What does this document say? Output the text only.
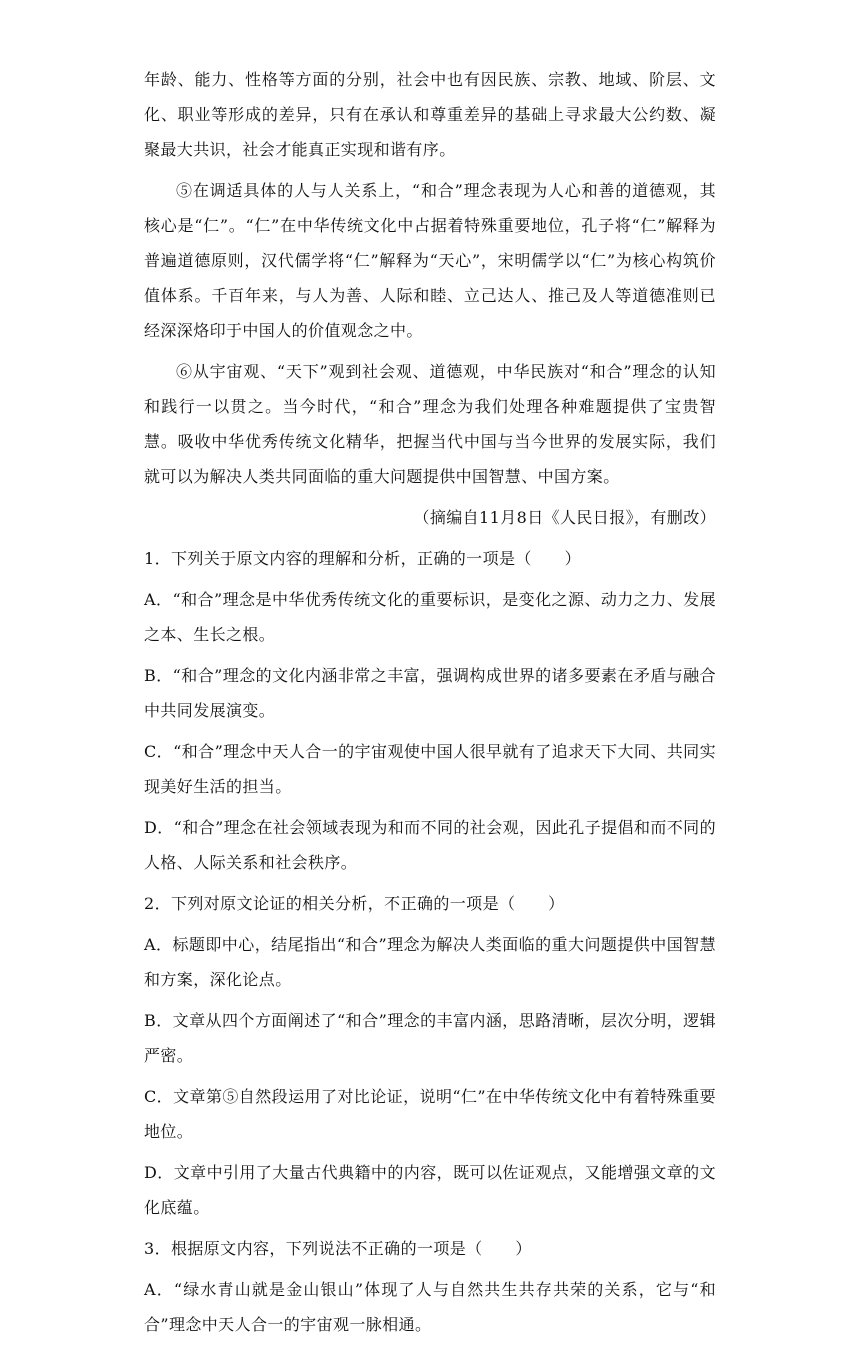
年龄、能力、性格等方面的分别，社会中也有因民族、宗教、地域、阶层、文化、职业等形成的差异，只有在承认和尊重差异的基础上寻求最大公约数、凝聚最大共识，社会才能真正实现和谐有序。

⑤在调适具体的人与人关系上，“和合”理念表现为人心和善的道德观，其核心是“仁”。“仁”在中华传统文化中占据着特殊重要地位，孔子将“仁”解释为普遍道德原则，汉代儒学将“仁”解释为“天心”，宋明儒学以“仁”为核心构筑价值体系。千百年来，与人为善、人际和睦、立己达人、推己及人等道德准则已经深深烙印于中国人的价值观念之中。

⑥从宇宙观、“天下”观到社会观、道德观，中华民族对“和合”理念的认知和践行一以贯之。当今时代，“和合”理念为我们处理各种难题提供了宝贵智慧。吸收中华优秀传统文化精华，把握当代中国与当今世界的发展实际，我们就可以为解决人类共同面临的重大问题提供中国智慧、中国方案。

（摘编自11月8日《人民日报》，有删改）

1．下列关于原文内容的理解和分析，正确的一项是（　　）

A．“和合”理念是中华优秀传统文化的重要标识，是变化之源、动力之力、发展之本、生长之根。

B．“和合”理念的文化内涵非常之丰富，强调构成世界的诸多要素在矛盾与融合中共同发展演变。

C．“和合”理念中天人合一的宇宙观使中国人很早就有了追求天下大同、共同实现美好生活的担当。

D．“和合”理念在社会领域表现为和而不同的社会观，因此孔子提倡和而不同的人格、人际关系和社会秩序。

2．下列对原文论证的相关分析，不正确的一项是（　　）

A．标题即中心，结尾指出“和合”理念为解决人类面临的重大问题提供中国智慧和方案，深化论点。

B．文章从四个方面阐述了“和合”理念的丰富内涵，思路清晰，层次分明，逻辑严密。

C．文章第⑤自然段运用了对比论证，说明“仁”在中华传统文化中有着特殊重要地位。

D．文章中引用了大量古代典籍中的内容，既可以佐证观点，又能增强文章的文化底蕴。

3．根据原文内容，下列说法不正确的一项是（　　）

A．“绿水青山就是金山银山”体现了人与自然共生共存共荣的关系，它与“和合”理念中天人合一的宇宙观一脉相通。
